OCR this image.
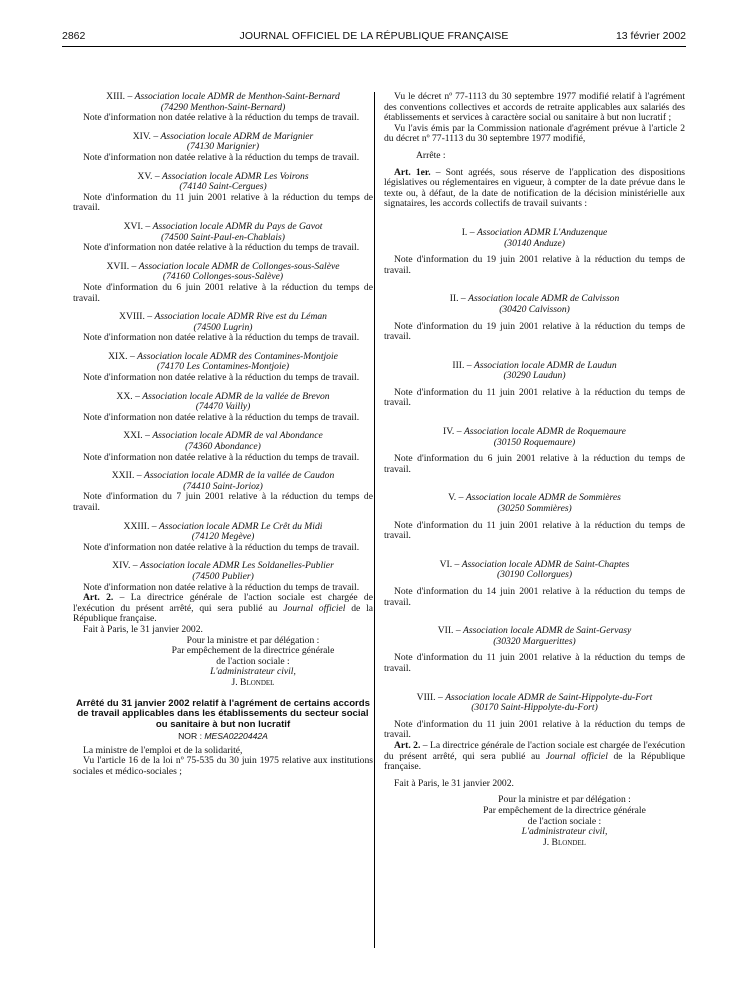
2862	JOURNAL OFFICIEL DE LA RÉPUBLIQUE FRANÇAISE	13 février 2002
XIII. – Association locale ADMR de Menthon-Saint-Bernard
(74290 Menthon-Saint-Bernard)

Note d'information non datée relative à la réduction du temps de travail.

XIV. – Association locale ADRM de Marignier
(74130 Marignier)

Note d'information non datée relative à la réduction du temps de travail.

XV. – Association locale ADMR Les Voirons
(74140 Saint-Cergues)

Note d'information du 11 juin 2001 relative à la réduction du temps de travail.

XVI. – Association locale ADMR du Pays de Gavot
(74500 Saint-Paul-en-Chablais)

Note d'information non datée relative à la réduction du temps de travail.

XVII. – Association locale ADMR de Collonges-sous-Salève
(74160 Collonges-sous-Salève)

Note d'information du 6 juin 2001 relative à la réduction du temps de travail.

XVIII. – Association locale ADMR Rive est du Léman
(74500 Lugrin)

Note d'information non datée relative à la réduction du temps de travail.

XIX. – Association locale ADMR des Contamines-Montjoie
(74170 Les Contamines-Montjoie)

Note d'information non datée relative à la réduction du temps de travail.

XX. – Association locale ADMR de la vallée de Brevon
(74470 Vailly)

Note d'information non datée relative à la réduction du temps de travail.

XXI. – Association locale ADMR de val Abondance
(74360 Abondance)

Note d'information non datée relative à la réduction du temps de travail.

XXII. – Association locale ADMR de la vallée de Caudon
(74410 Saint-Jorioz)

Note d'information du 7 juin 2001 relative à la réduction du temps de travail.

XXIII. – Association locale ADMR Le Crêt du Midi
(74120 Megève)

Note d'information non datée relative à la réduction du temps de travail.

XIV. – Association locale ADMR Les Soldanelles-Publier
(74500 Publier)

Note d'information non datée relative à la réduction du temps de travail.

Art. 2. – La directrice générale de l'action sociale est chargée de l'exécution du présent arrêté, qui sera publié au Journal officiel de la République française.

Fait à Paris, le 31 janvier 2002.

Pour la ministre et par délégation :
Par empêchement de la directrice générale
de l'action sociale :
L'administrateur civil,
J. Blondel
Arrêté du 31 janvier 2002 relatif à l'agrément de certains accords de travail applicables dans les établissements du secteur social ou sanitaire à but non lucratif
NOR : MESA0220442A

La ministre de l'emploi et de la solidarité,

Vu l'article 16 de la loi nº 75-535 du 30 juin 1975 relative aux institutions sociales et médico-sociales ;

Vu le décret nº 77-1113 du 30 septembre 1977 modifié relatif à l'agrément des conventions collectives et accords de retraite applicables aux salariés des établissements et services à caractère social ou sanitaire à but non lucratif ;

Vu l'avis émis par la Commission nationale d'agrément prévue à l'article 2 du décret nº 77-1113 du 30 septembre 1977 modifié,

Arrête :

Art. 1er. – Sont agréés, sous réserve de l'application des dispositions législatives ou réglementaires en vigueur, à compter de la date prévue dans le texte ou, à défaut, de la date de notification de la décision ministérielle aux signataires, les accords collectifs de travail suivants :

I. – Association ADMR L'Anduzenque
(30140 Anduze)

Note d'information du 19 juin 2001 relative à la réduction du temps de travail.

II. – Association locale ADMR de Calvisson
(30420 Calvisson)

Note d'information du 19 juin 2001 relative à la réduction du temps de travail.

III. – Association locale ADMR de Laudun
(30290 Laudun)

Note d'information du 11 juin 2001 relative à la réduction du temps de travail.

IV. – Association locale ADMR de Roquemaure
(30150 Roquemaure)

Note d'information du 6 juin 2001 relative à la réduction du temps de travail.

V. – Association locale ADMR de Sommières
(30250 Sommières)

Note d'information du 11 juin 2001 relative à la réduction du temps de travail.

VI. – Association locale ADMR de Saint-Chaptes
(30190 Collorgues)

Note d'information du 14 juin 2001 relative à la réduction du temps de travail.

VII. – Association locale ADMR de Saint-Gervasy
(30320 Marguerittes)

Note d'information du 11 juin 2001 relative à la réduction du temps de travail.

VIII. – Association locale ADMR de Saint-Hippolyte-du-Fort
(30170 Saint-Hippolyte-du-Fort)

Note d'information du 11 juin 2001 relative à la réduction du temps de travail.

Art. 2. – La directrice générale de l'action sociale est chargée de l'exécution du présent arrêté, qui sera publié au Journal officiel de la République française.

Fait à Paris, le 31 janvier 2002.

Pour la ministre et par délégation :
Par empêchement de la directrice générale
de l'action sociale :
L'administrateur civil,
J. Blondel
